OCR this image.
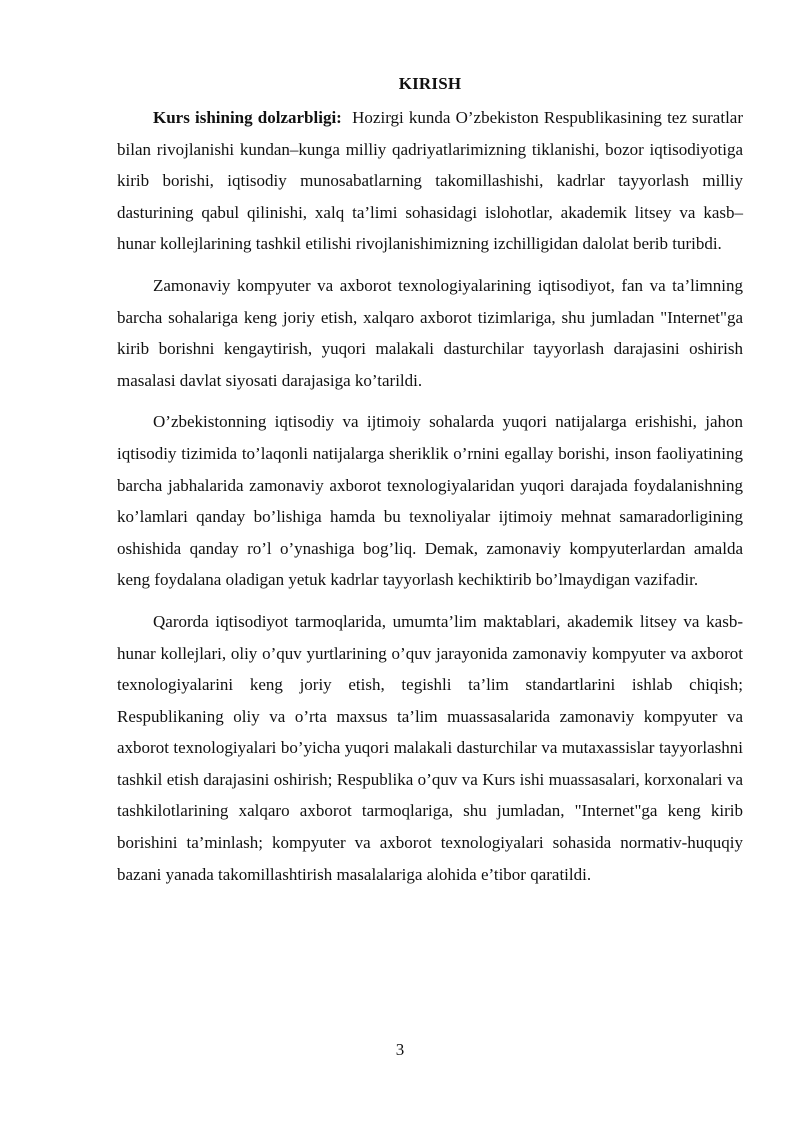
KIRISH

Kurs ishining dolzarbligi: Hozirgi kunda O’zbekiston Respublikasining tez suratlar bilan rivojlanishi kundan–kunga milliy qadriyatlarimizning tiklanishi, bozor iqtisodiyotiga kirib borishi, iqtisodiy munosabatlarning takomillashishi, kadrlar tayyorlash milliy dasturining qabul qilinishi, xalq ta’limi sohasidagi islohotlar, akademik litsey va kasb–hunar kollejlarining tashkil etilishi rivojlanishimizning izchilligidan dalolat berib turibdi.

Zamonaviy kompyuter va axborot texnologiyalarining iqtisodiyot, fan va ta’limning barcha sohalariga keng joriy etish, xalqaro axborot tizimlariga, shu jumladan "Internet"ga kirib borishni kengaytirish, yuqori malakali dasturchilar tayyorlash darajasini oshirish masalasi davlat siyosati darajasiga ko’tarildi.

O’zbekistonning iqtisodiy va ijtimoiy sohalarda yuqori natijalarga erishishi, jahon iqtisodiy tizimida to’laqonli natijalarga sheriklik o’rnini egallay borishi, inson faoliyatining barcha jabhalarida zamonaviy axborot texnologiyalaridan yuqori darajada foydalanishning ko’lamlari qanday bo’lishiga hamda bu texnoliyalar ijtimoiy mehnat samaradorligining oshishida qanday ro’l o’ynashiga bog’liq. Demak, zamonaviy kompyuterlardan amalda keng foydalana oladigan yetuk kadrlar tayyorlash kechiktirib bo’lmaydigan vazifadir.

Qarorda iqtisodiyot tarmoqlarida, umumta’lim maktablari, akademik litsey va kasb-hunar kollejlari, oliy o’quv yurtlarining o’quv jarayonida zamonaviy kompyuter va axborot texnologiyalarini keng joriy etish, tegishli ta’lim standartlarini ishlab chiqish; Respublikaning oliy va o’rta maxsus ta’lim muassasalarida zamonaviy kompyuter va axborot texnologiyalari bo’yicha yuqori malakali dasturchilar va mutaxassislar tayyorlashni tashkil etish darajasini oshirish; Respublika o’quv va Kurs ishi muassasalari, korxonalari va tashkilotlarining xalqaro axborot tarmoqlariga, shu jumladan, "Internet"ga keng kirib borishini ta’minlash; kompyuter va axborot texnologiyalari sohasida normativ-huquqiy bazani yanada takomillashtirish masalalariga alohida e’tibor qaratildi.

3
